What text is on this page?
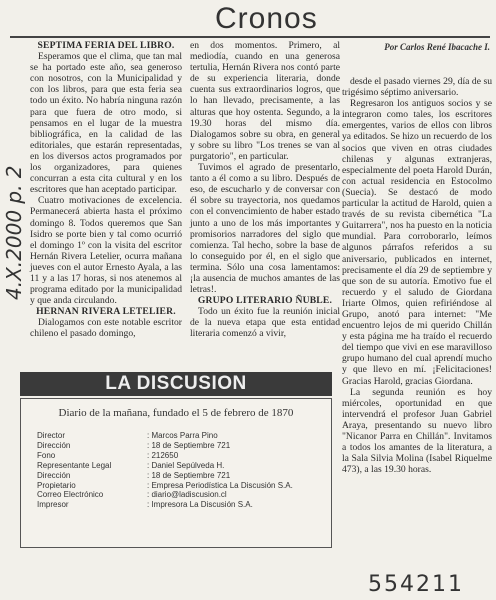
Cronos
Por Carlos René Ibacache I.
SEPTIMA FERIA DEL LIBRO.

Esperamos que el clima, que tan mal se ha portado este año, sea generoso con nosotros, con la Municipalidad y con los libros, para que esta feria sea todo un éxito. No habría ninguna razón para que fuera de otro modo, si pensamos en el lugar de la muestra bibliográfica, en la calidad de las editoriales, que estarán representadas, en los diversos actos programados por los organizadores, para quienes concurran a esta cita cultural y en los escritores que han aceptado participar.

Cuatro motivaciones de excelencia. Permanecerá abierta hasta el próximo domingo 8. Todos queremos que San Isidro se porte bien y tal como ocurrió el domingo 1º con la visita del escritor Hernán Rivera Letelier, ocurra mañana jueves con el autor Ernesto Ayala, a las 11 y a las 17 horas, si nos atenemos al programa editado por la municipalidad y que anda circulando.

HERNAN RIVERA LETELIER.

Dialogamos con este notable escritor chileno el pasado domingo,

en dos momentos. Primero, al mediodía, cuando en una generosa tertulia, Hernán Rivera nos contó parte de su experiencia literaria, donde cuenta sus extraordinarios logros, que lo han llevado, precisamente, a las alturas que hoy ostenta. Segundo, a la 19.30 horas del mismo día. Dialogamos sobre su obra, en general y sobre su libro "Los trenes se van al purgatorio", en particular.

Tuvimos el agrado de presentarlo, tanto a él como a su libro. Después de eso, de escucharlo y de conversar con él sobre su trayectoria, nos quedamos con el convencimiento de haber estado junto a uno de los más importantes y promisorios narradores del siglo que comienza. Tal hecho, sobre la base de lo conseguido por él, en el siglo que termina. Sólo una cosa lamentamos: ¡la ausencia de muchos amantes de las letras!.

GRUPO LITERARIO ÑUBLE.

Todo un éxito fue la reunión inicial de la nueva etapa que esta entidad literaria comenzó a vivir,

desde el pasado viernes 29, día de su trigésimo séptimo aniversario.

Regresaron los antiguos socios y se integraron como tales, los escritores emergentes, varios de ellos con libros ya editados. Se hizo un recuerdo de los socios que viven en otras ciudades chilenas y algunas extranjeras, especialmente del poeta Harold Durán, con actual residencia en Estocolmo (Suecia). Se destacó de modo particular la actitud de Harold, quien a través de su revista cibernética "La Guitarrera", nos ha puesto en la noticia mundial. Para corroborarlo, leímos algunos párrafos referidos a su aniversario, publicados en internet, precisamente el día 29 de septiembre y que son de su autoría. Emotivo fue el recuerdo y el saludo de Giordana Iriarte Olmos, quien refiriéndose al Grupo, anotó para internet: "Me encuentro lejos de mi querido Chillán y esta página me ha traído el recuerdo del tiempo que vivi en ese maravilloso grupo humano del cual aprendí mucho y que llevo en mí. ¡Felicitaciones! Gracias Harold, gracias Giordana.

La segunda reunión es hoy miércoles, oportunidad en que intervendrá el profesor Juan Gabriel Araya, presentando su nuevo libro "Nicanor Parra en Chillán". Invitamos a todos los amantes de la literatura, a la Sala Silvia Molina (Isabel Riquelme 473), a las 19.30 horas.

LA DISCUSION
Diario de la mañana, fundado el 5 de febrero de 1870
Director	: Marcos Parra Pino
Dirección	: 18 de Septiembre 721
Fono	: 212650
Representante Legal	: Daniel Sepúlveda H.
Dirección	: 18 de Septiembre 721
Propietario	: Empresa Periodística La Discusión S.A.
Correo Electrónico	: diario@ladiscusion.cl
Impresor	: Impresora La Discusión S.A.
4.X.2000 p. 2
554211
